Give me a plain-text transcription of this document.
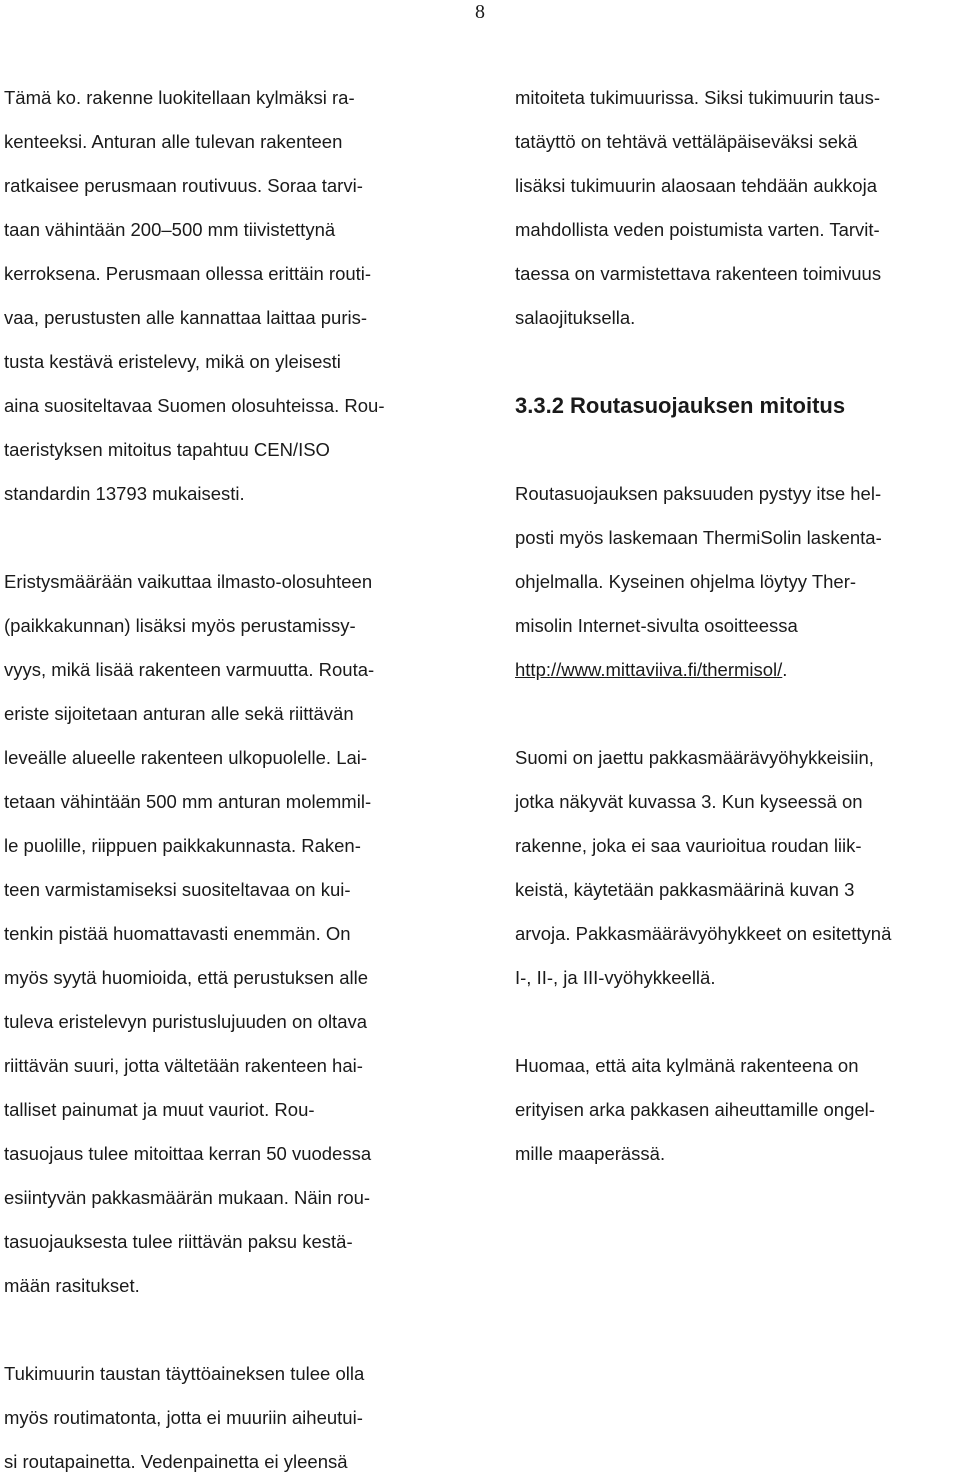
8
Tämä ko. rakenne luokitellaan kylmäksi ra-
kenteeksi. Anturan alle tulevan rakenteen
ratkaisee perusmaan routivuus. Soraa tarvi-
taan vähintään 200–500 mm tiivistettynä
kerroksena. Perusmaan ollessa erittäin routi-
vaa, perustusten alle kannattaa laittaa puris-
tusta kestävä eristelevy, mikä on yleisesti
aina suositeltavaa Suomen olosuhteissa. Rou-
taeristyksen mitoitus tapahtuu CEN/ISO
standardin 13793 mukaisesti.
Eristysmäärään vaikuttaa ilmasto-olosuhteen
(paikkakunnan) lisäksi myös perustamissy-
vyys, mikä lisää rakenteen varmuutta. Routa-
eriste sijoitetaan anturan alle sekä riittävän
leveälle alueelle rakenteen ulkopuolelle. Lai-
tetaan vähintään 500 mm anturan molemmil-
le puolille, riippuen paikkakunnasta. Raken-
teen varmistamiseksi suositeltavaa on kui-
tenkin pistää huomattavasti enemmän. On
myös syytä huomioida, että perustuksen alle
tuleva eristelevyn puristuslujuuden on oltava
riittävän suuri, jotta vältetään rakenteen hai-
talliset painumat ja muut vauriot. Rou-
tasuojaus tulee mitoittaa kerran 50 vuodessa
esiintyvän pakkasmäärän mukaan. Näin rou-
tasuojauksesta tulee riittävän paksu kestä-
mään rasitukset.
Tukimuurin taustan täyttöaineksen tulee olla
myös routimatonta, jotta ei muuriin aiheutui-
si routapainetta. Vedenpainetta ei yleensä
mitoiteta tukimuurissa. Siksi tukimuurin taus-
tatäyttö on tehtävä vettäläpäiseväksi sekä
lisäksi tukimuurin alaosaan tehdään aukkoja
mahdollista veden poistumista varten. Tarvit-
taessa on varmistettava rakenteen toimivuus
salaojituksella.
3.3.2 Routasuojauksen mitoitus
Routasuojauksen paksuuden pystyy itse hel-
posti myös laskemaan ThermiSolin laskenta-
ohjelmalla. Kyseinen ohjelma löytyy Ther-
misolin Internet-sivulta osoitteessa
http://www.mittaviiva.fi/thermisol/.
Suomi on jaettu pakkasmäärävyöhykkeisiin,
jotka näkyvät kuvassa 3. Kun kyseessä on
rakenne, joka ei saa vaurioitua roudan liik-
keistä, käytetään pakkasmäärinä kuvan 3
arvoja. Pakkasmäärävyöhykkeet on esitettynä
I-, II-, ja III-vyöhykkeellä.
Huomaa, että aita kylmänä rakenteena on
erityisen arka pakkasen aiheuttamille ongel-
mille maaperässä.
